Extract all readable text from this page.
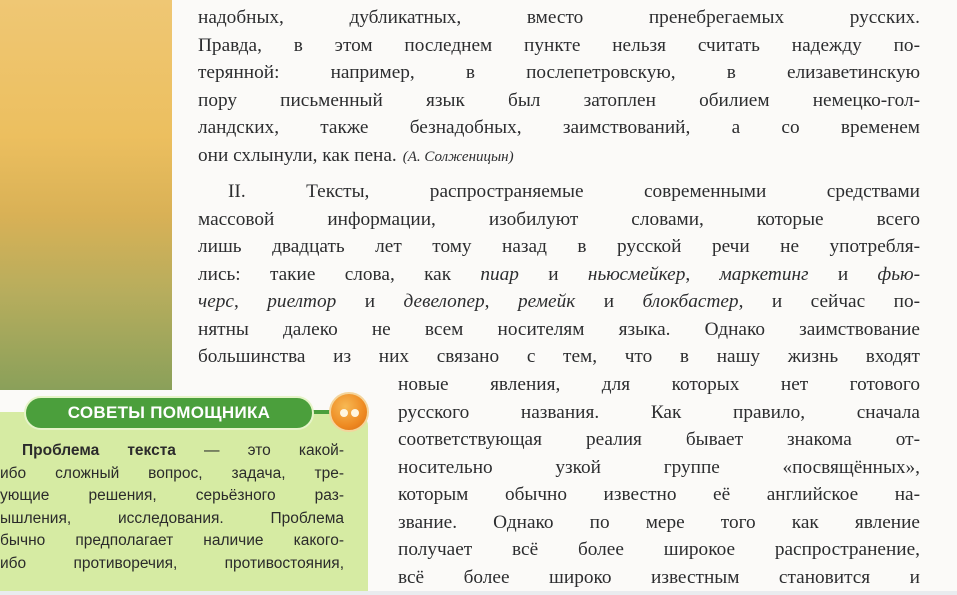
надобных, дубликатных, вместо пренебрегаемых русских.
Правда, в этом последнем пункте нельзя считать надежду по-
терянной: например, в послепетровскую, в елизаветинскую
пору письменный язык был затоплен обилием немецко-гол-
ландских, также безнадобных, заимствований, а со временем
они схлынули, как пена. (А. Солженицын)
II. Тексты, распространяемые современными средствами
массовой информации, изобилуют словами, которые всего
лишь двадцать лет тому назад в русской речи не употребля-
лись: такие слова, как пиар и ньюсмейкер, маркетинг и фью-
черс, риелтор и девелопер, ремейк и блокбастер, и сейчас по-
нятны далеко не всем носителям языка. Однако заимствование
большинства из них связано с тем, что в нашу жизнь входят
новые явления, для которых нет готового
русского названия. Как правило, сначала
соответствующая реалия бывает знакома от-
носительно узкой группе «посвящённых»,
которым обычно известно её английское на-
звание. Однако по мере того как явление
получает всё более широкое распространение,
всё более широко известным становится и
СОВЕТЫ ПОМОЩНИКА
Проблема текста — это какой-
ибо сложный вопрос, задача, тре-
ующие решения, серьёзного раз-
ышления, исследования. Проблема
бычно предполагает наличие какого-
ибо противоречия, противостояния,
